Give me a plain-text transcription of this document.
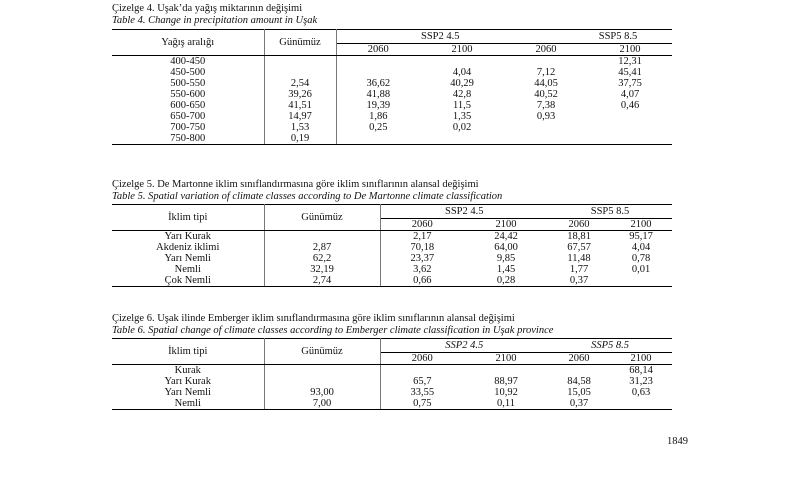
Çizelge 4. Uşak’da yağış miktarının değişimi
Table 4. Change in precipitation amount in Uşak
Yağış aralığı	Günümüz	SSP2 4.5		SSP5 8.5	
		2060	2100	2060	2100
400-450					12,31
450-500			4,04	7,12	45,41
500-550	2,54	36,62	40,29	44,05	37,75
550-600	39,26	41,88	42,8	40,52	4,07
600-650	41,51	19,39	11,5	7,38	0,46
650-700	14,97	1,86	1,35	0,93	
700-750	1,53	0,25	0,02		
750-800	0,19				
Çizelge 5. De Martonne iklim sınıflandırmasına göre iklim sınıflarının alansal değişimi
Table 5. Spatial variation of climate classes according to De Martonne climate classification
İklim tipi	Günümüz	SSP2 4.5		SSP5 8.5	
		2060	2100	2060	2100
Yarı Kurak		2,17	24,42	18,81	95,17
Akdeniz iklimi	2,87	70,18	64,00	67,57	4,04
Yarı Nemli	62,2	23,37	9,85	11,48	0,78
Nemli	32,19	3,62	1,45	1,77	0,01
Çok Nemli	2,74	0,66	0,28	0,37	
Çizelge 6. Uşak ilinde Emberger iklim sınıflandırmasına göre iklim sınıflarının alansal değişimi
Table 6. Spatial change of climate classes according to Emberger climate classification in Uşak province
İklim tipi	Günümüz	SSP2 4.5		SSP5 8.5	
		2060	2100	2060	2100
Kurak					68,14
Yarı Kurak		65,7	88,97	84,58	31,23
Yarı Nemli	93,00	33,55	10,92	15,05	0,63
Nemli	7,00	0,75	0,11	0,37	
1849
